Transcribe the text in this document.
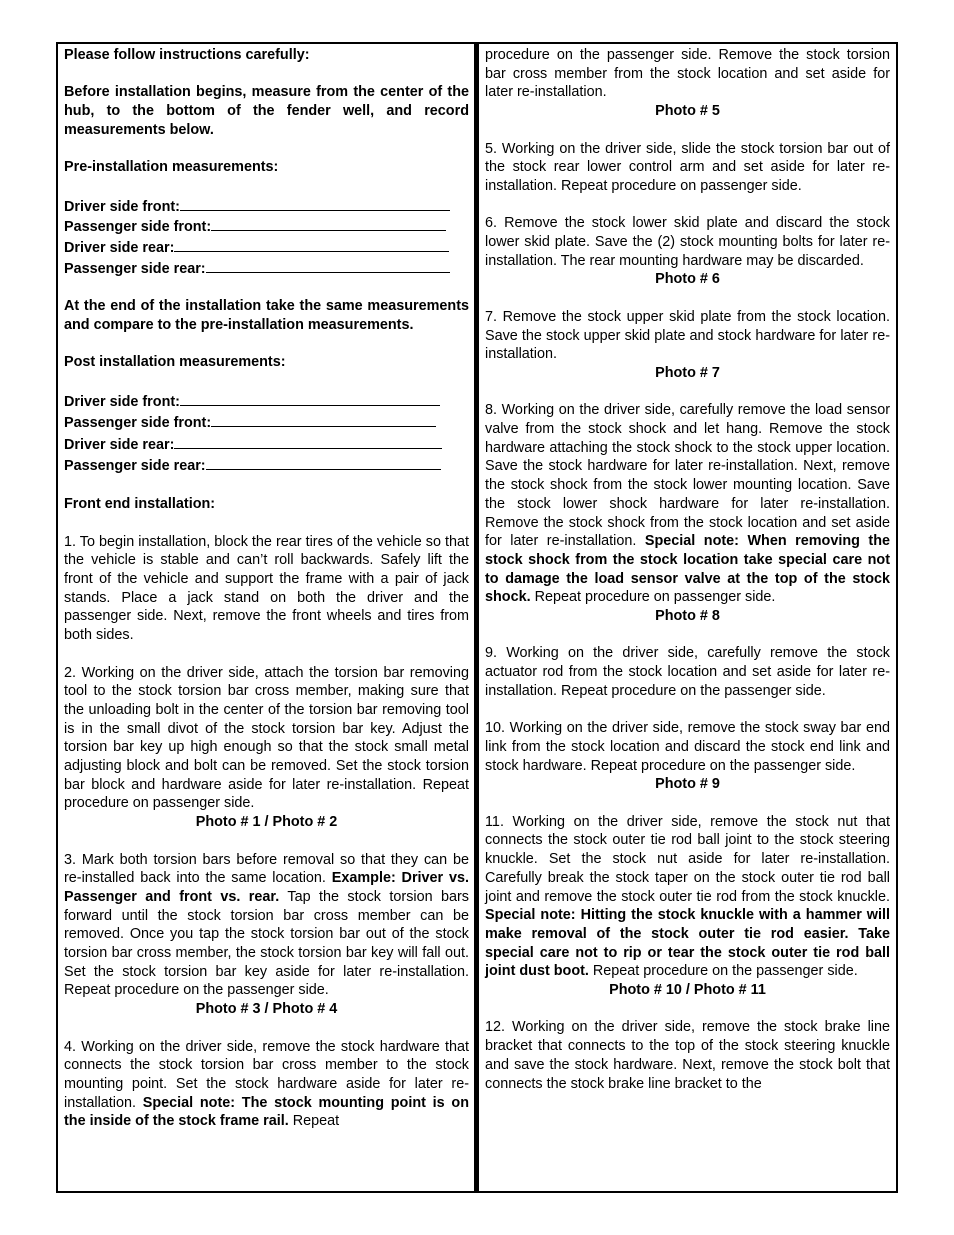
Please follow instructions carefully:

Before installation begins, measure from the center of the hub, to the bottom of the fender well, and record measurements below.

Pre-installation measurements:

Driver side front:
Passenger side front:
Driver side rear:
Passenger side rear:

At the end of the installation take the same measurements and compare to the pre-installation measurements.

Post installation measurements:

Driver side front:
Passenger side front:
Driver side rear:
Passenger side rear:

Front end installation:

1. To begin installation, block the rear tires of the vehicle so that the vehicle is stable and can’t roll backwards. Safely lift the front of the vehicle and support the frame with a pair of jack stands. Place a jack stand on both the driver and the passenger side. Next, remove the front wheels and tires from both sides.

2. Working on the driver side, attach the torsion bar removing tool to the stock torsion bar cross member, making sure that the unloading bolt in the center of the torsion bar removing tool is in the small divot of the stock torsion bar key. Adjust the torsion bar key up high enough so that the stock small metal adjusting block and bolt can be removed. Set the stock torsion bar block and hardware aside for later re-installation. Repeat procedure on passenger side.

Photo # 1 / Photo # 2

3. Mark both torsion bars before removal so that they can be re-installed back into the same location. Example: Driver vs. Passenger and front vs. rear. Tap the stock torsion bars forward until the stock torsion bar cross member can be removed. Once you tap the stock torsion bar out of the stock torsion bar cross member, the stock torsion bar key will fall out. Set the stock torsion bar key aside for later re-installation. Repeat procedure on the passenger side.

Photo # 3 / Photo # 4

4. Working on the driver side, remove the stock hardware that connects the stock torsion bar cross member to the stock mounting point. Set the stock hardware aside for later re-installation. Special note: The stock mounting point is on the inside of the stock frame rail. Repeat

procedure on the passenger side. Remove the stock torsion bar cross member from the stock location and set aside for later re-installation.

Photo # 5

5. Working on the driver side, slide the stock torsion bar out of the stock rear lower control arm and set aside for later re-installation. Repeat procedure on passenger side.

6. Remove the stock lower skid plate and discard the stock lower skid plate. Save the (2) stock mounting bolts for later re-installation. The rear mounting hardware may be discarded.

Photo # 6

7. Remove the stock upper skid plate from the stock location. Save the stock upper skid plate and stock hardware for later re-installation.

Photo # 7

8. Working on the driver side, carefully remove the load sensor valve from the stock shock and let hang. Remove the stock hardware attaching the stock shock to the stock upper location. Save the stock hardware for later re-installation. Next, remove the stock shock from the stock lower mounting location. Save the stock lower shock hardware for later re-installation. Remove the stock shock from the stock location and set aside for later re-installation. Special note: When removing the stock shock from the stock location take special care not to damage the load sensor valve at the top of the stock shock. Repeat procedure on passenger side.

Photo # 8

9. Working on the driver side, carefully remove the stock actuator rod from the stock location and set aside for later re-installation. Repeat procedure on the passenger side.

10. Working on the driver side, remove the stock sway bar end link from the stock location and discard the stock end link and stock hardware. Repeat procedure on the passenger side.

Photo # 9

11. Working on the driver side, remove the stock nut that connects the stock outer tie rod ball joint to the stock steering knuckle. Set the stock nut aside for later re-installation. Carefully break the stock taper on the stock outer tie rod ball joint and remove the stock outer tie rod from the stock knuckle. Special note: Hitting the stock knuckle with a hammer will make removal of the stock outer tie rod easier. Take special care not to rip or tear the stock outer tie rod ball joint dust boot. Repeat procedure on the passenger side.

Photo # 10 / Photo # 11

12. Working on the driver side, remove the stock brake line bracket that connects to the top of the stock steering knuckle and save the stock hardware. Next, remove the stock bolt that connects the stock brake line bracket to the
